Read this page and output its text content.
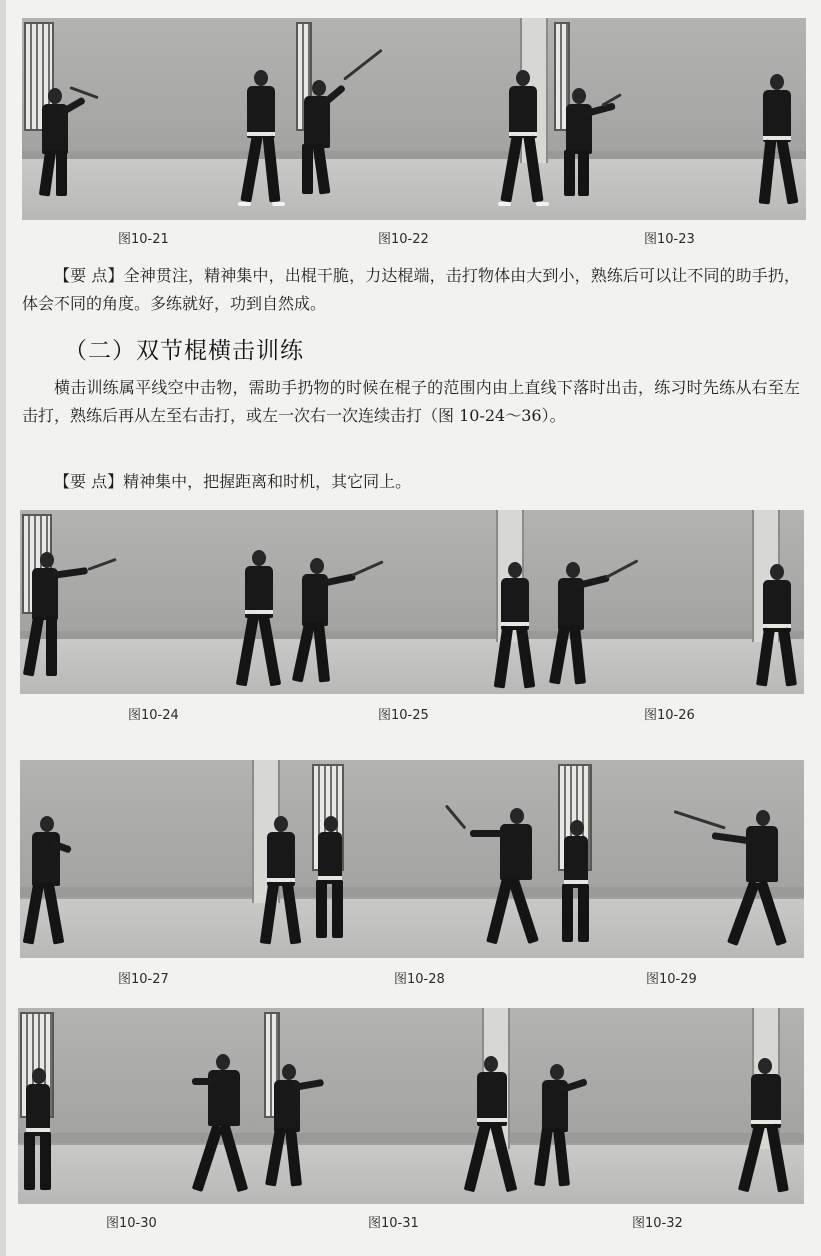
图10-21	图10-22	图10-23
【要 点】全神贯注，精神集中，出棍干脆，力达棍端，击打物体由大到小，熟练后可以让不同的助手扔，体会不同的角度。多练就好，功到自然成。
（二）双节棍横击训练
横击训练属平线空中击物，需助手扔物的时候在棍子的范围内由上直线下落时出击，练习时先练从右至左击打，熟练后再从左至右击打，或左一次右一次连续击打（图 10-24～36）。
【要 点】精神集中，把握距离和时机，其它同上。
图10-24	图10-25	图10-26
图10-27	图10-28	图10-29
图10-30	图10-31	图10-32
